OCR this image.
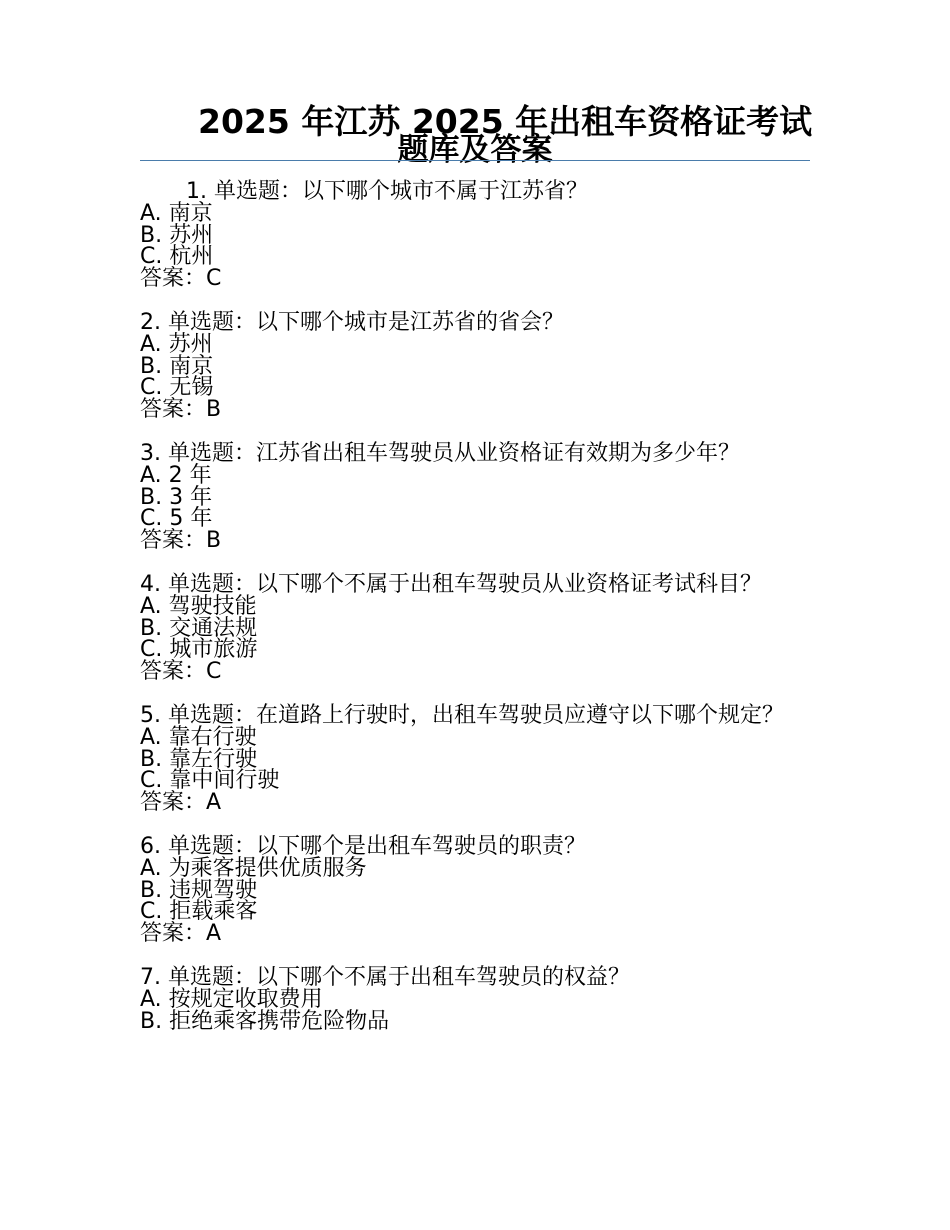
2025 年江苏 2025 年出租车资格证考试
题库及答案
1. 单选题：以下哪个城市不属于江苏省？
A. 南京
B. 苏州
C. 杭州
答案：C
2. 单选题：以下哪个城市是江苏省的省会？
A. 苏州
B. 南京
C. 无锡
答案：B
3. 单选题：江苏省出租车驾驶员从业资格证有效期为多少年？
A. 2 年
B. 3 年
C. 5 年
答案：B
4. 单选题：以下哪个不属于出租车驾驶员从业资格证考试科目？
A. 驾驶技能
B. 交通法规
C. 城市旅游
答案：C
5. 单选题：在道路上行驶时，出租车驾驶员应遵守以下哪个规定？
A. 靠右行驶
B. 靠左行驶
C. 靠中间行驶
答案：A
6. 单选题：以下哪个是出租车驾驶员的职责？
A. 为乘客提供优质服务
B. 违规驾驶
C. 拒载乘客
答案：A
7. 单选题：以下哪个不属于出租车驾驶员的权益？
A. 按规定收取费用
B. 拒绝乘客携带危险物品
